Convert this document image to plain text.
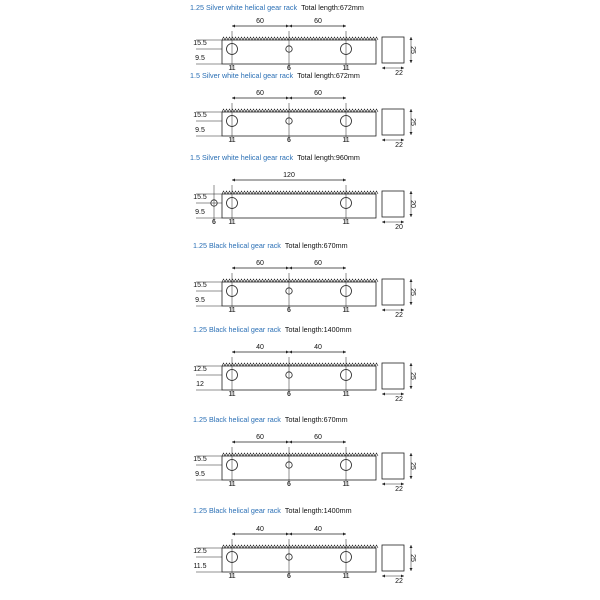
1.25 Silver white helical gear rack Total length:672mm
60	60
15.5
9.5
11	6	11
25
22
1.5 Silver white helical gear rack Total length:672mm
60	60
15.5
9.5
11	6	11
25
22
1.5 Silver white helical gear rack Total length:960mm
120
15.5
9.5
6 11	11
20
20
1.25 Black helical gear rack Total length:670mm
60	60
15.5
9.5
11	6	11
25
22
1.25 Black helical gear rack Total length:1400mm
40	40
12.5
12
11	6	11
25
22
1.25 Black helical gear rack Total length:670mm
60	60
15.5
9.5
11	6	11
25
22
1.25 Black helical gear rack Total length:1400mm
40	40
12.5
11.5
11	6	11
25
22
